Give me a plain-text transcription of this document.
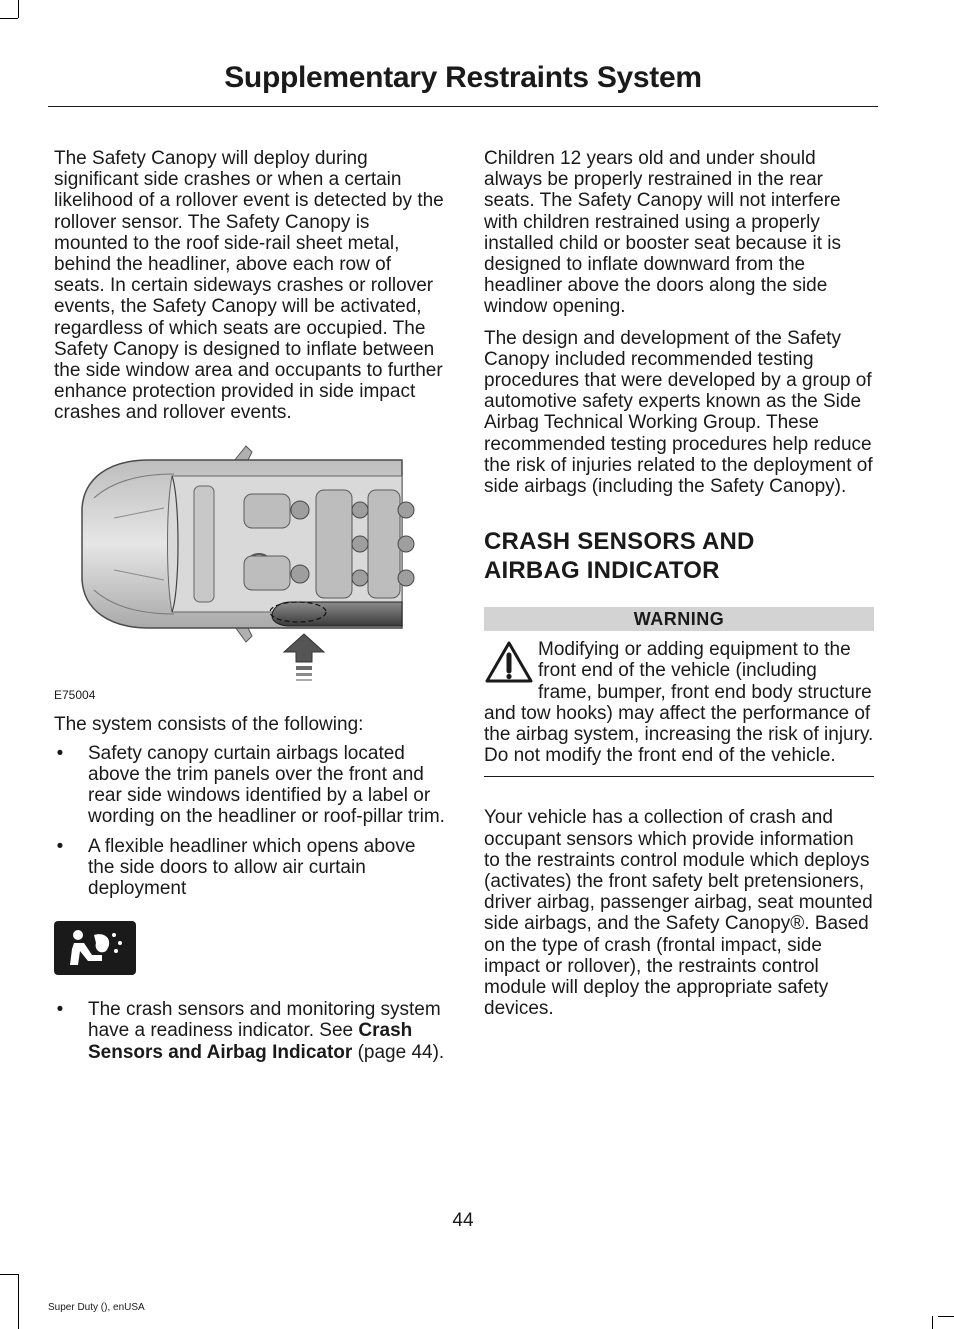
Supplementary Restraints System

The Safety Canopy will deploy during significant side crashes or when a certain likelihood of a rollover event is detected by the rollover sensor. The Safety Canopy is mounted to the roof side-rail sheet metal, behind the headliner, above each row of seats. In certain sideways crashes or rollover events, the Safety Canopy will be activated, regardless of which seats are occupied. The Safety Canopy is designed to inflate between the side window area and occupants to further enhance protection provided in side impact crashes and rollover events.

E75004

The system consists of the following:

• Safety canopy curtain airbags located above the trim panels over the front and rear side windows identified by a label or wording on the headliner or roof-pillar trim.
• A flexible headliner which opens above the side doors to allow air curtain deployment
• The crash sensors and monitoring system have a readiness indicator. See Crash Sensors and Airbag Indicator (page 44).

Children 12 years old and under should always be properly restrained in the rear seats. The Safety Canopy will not interfere with children restrained using a properly installed child or booster seat because it is designed to inflate downward from the headliner above the doors along the side window opening.

The design and development of the Safety Canopy included recommended testing procedures that were developed by a group of automotive safety experts known as the Side Airbag Technical Working Group. These recommended testing procedures help reduce the risk of injuries related to the deployment of side airbags (including the Safety Canopy).

CRASH SENSORS AND
AIRBAG INDICATOR
WARNING
Modifying or adding equipment to the front end of the vehicle (including frame, bumper, front end body structure and tow hooks) may affect the performance of the airbag system, increasing the risk of injury. Do not modify the front end of the vehicle.

Your vehicle has a collection of crash and occupant sensors which provide information to the restraints control module which deploys (activates) the front safety belt pretensioners, driver airbag, passenger airbag, seat mounted side airbags, and the Safety Canopy®. Based on the type of crash (frontal impact, side impact or rollover), the restraints control module will deploy the appropriate safety devices.

44
Super Duty (), enUSA
